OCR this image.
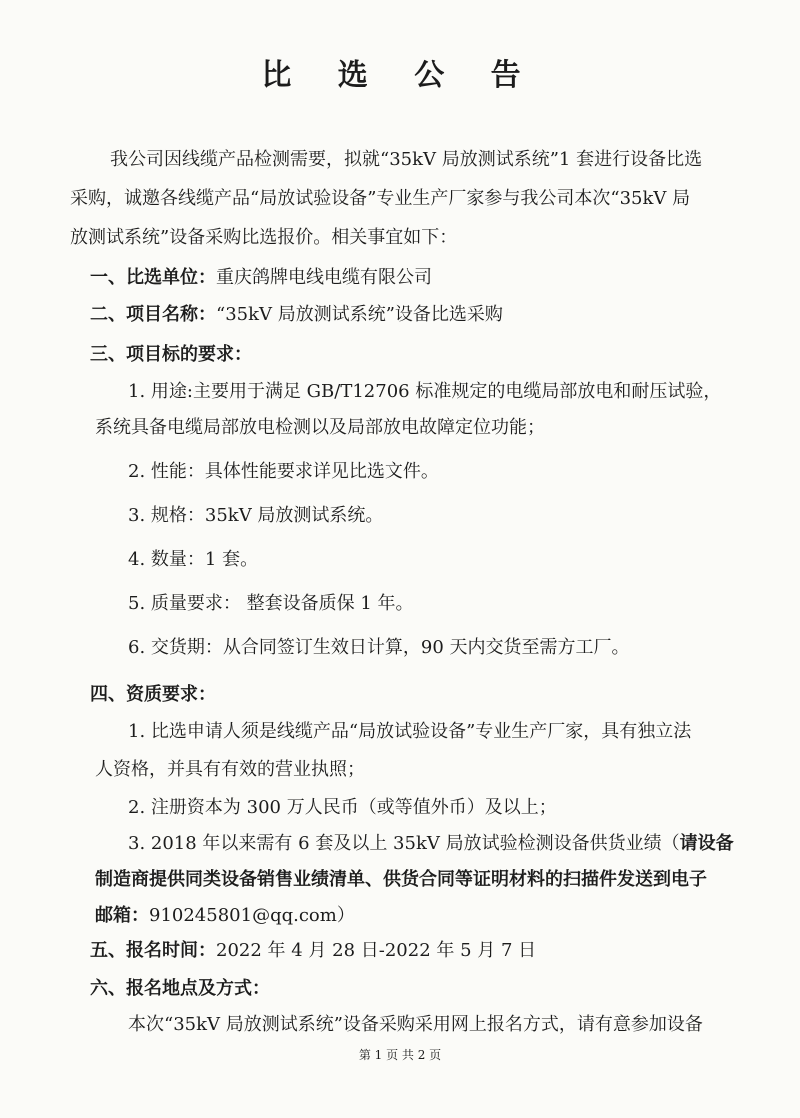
比 选 公 告
我公司因线缆产品检测需要，拟就“35kV 局放测试系统”1 套进行设备比选
采购，诚邀各线缆产品“局放试验设备”专业生产厂家参与我公司本次“35kV 局
放测试系统”设备采购比选报价。相关事宜如下：
一、比选单位：重庆鸽牌电线电缆有限公司
二、项目名称：“35kV 局放测试系统”设备比选采购
三、项目标的要求：
1. 用途:主要用于满足 GB/T12706 标准规定的电缆局部放电和耐压试验，
系统具备电缆局部放电检测以及局部放电故障定位功能；
2. 性能：具体性能要求详见比选文件。
3. 规格：35kV 局放测试系统。
4. 数量：1 套。
5. 质量要求： 整套设备质保 1 年。
6. 交货期：从合同签订生效日计算，90 天内交货至需方工厂。
四、资质要求：
1. 比选申请人须是线缆产品“局放试验设备”专业生产厂家，具有独立法
人资格，并具有有效的营业执照；
2. 注册资本为 300 万人民币（或等值外币）及以上；
3. 2018 年以来需有 6 套及以上 35kV 局放试验检测设备供货业绩（请设备
制造商提供同类设备销售业绩清单、供货合同等证明材料的扫描件发送到电子
邮箱：910245801@qq.com）
五、报名时间：2022 年 4 月 28 日-2022 年 5 月 7 日
六、报名地点及方式：
本次“35kV 局放测试系统”设备采购采用网上报名方式，请有意参加设备
第 1 页 共 2 页
